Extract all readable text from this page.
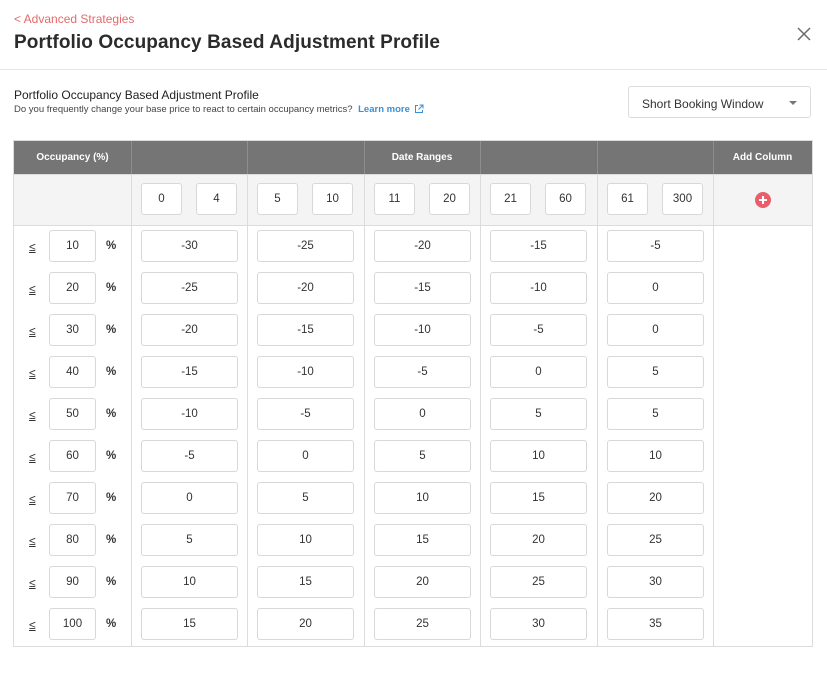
< Advanced Strategies
Portfolio Occupancy Based Adjustment Profile
Portfolio Occupancy Based Adjustment Profile
Do you frequently change your base price to react to certain occupancy metrics? Learn more	Short Booking Window
Occupancy (%)	Date Ranges	Add Column
0	4	5	10	11	20	21	60	61	300
≤	10	%	-30	-25	-20	-15	-5
≤	20	%	-25	-20	-15	-10	0
≤	30	%	-20	-15	-10	-5	0
≤	40	%	-15	-10	-5	0	5
≤	50	%	-10	-5	0	5	5
≤	60	%	-5	0	5	10	10
≤	70	%	0	5	10	15	20
≤	80	%	5	10	15	20	25
≤	90	%	10	15	20	25	30
≤	100	%	15	20	25	30	35
